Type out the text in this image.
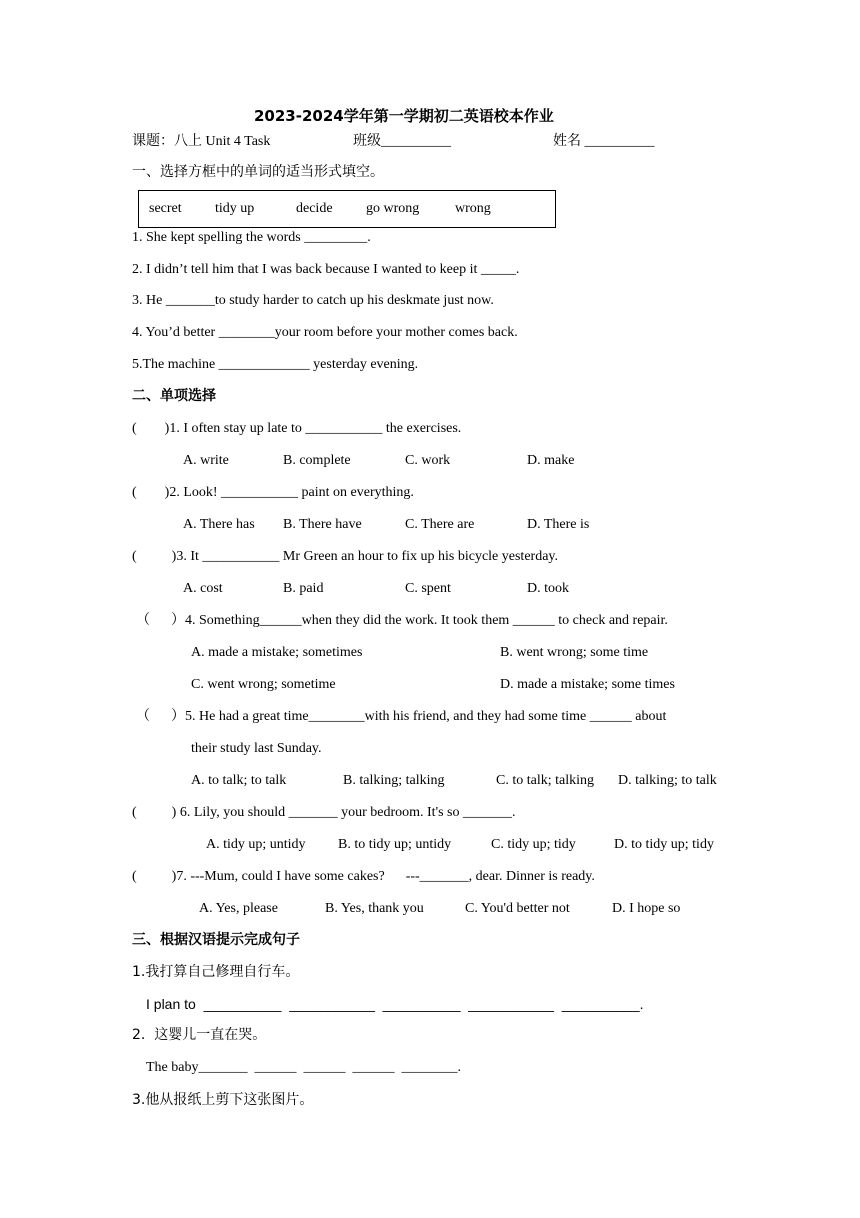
2023-2024学年第一学期初二英语校本作业
课题：八上 Unit 4 Task	班级__________	姓名 __________
一、选择方框中的单词的适当形式填空。
secret tidy up	decide go wrong	wrong
1. She kept spelling the words _________.
2. I didn’t tell him that I was back because I wanted to keep it _____.
3. He _______to study harder to catch up his deskmate just now.
4. You’d better ________your room before your mother comes back.
5.The machine _____________ yesterday evening.
二、单项选择
(        )1. I often stay up late to ___________ the exercises.
A. write	B. complete	C. work	D. make
(        )2. Look! ___________ paint on everything.
A. There has B. There have	C. There are	D. There is
(          )3. It ___________ Mr Green an hour to fix up his bicycle yesterday.
A. cost	B. paid	C. spent	D. took
（      ）4. Something______when they did the work. It took them ______ to check and repair.
A. made a mistake; sometimes	B. went wrong; some time
C. went wrong; sometime	D. made a mistake; some times
（      ）5. He had a great time________with his friend, and they had some time ______ about
their study last Sunday.
A. to talk; to talk	B. talking; talking	C. to talk; talking D. talking; to talk
(          ) 6. Lily, you should _______ your bedroom. It's so _______.
A. tidy up; untidy B. to tidy up; untidy	C. tidy up; tidy	D. to tidy up; tidy
(          )7. ---Mum, could I have some cakes?      ---_______, dear. Dinner is ready.
A. Yes, please	B. Yes, thank you	C. You'd better not	D. I hope so
三、根据汉语提示完成句子
1.我打算自己修理自行车。
I plan to  __________  ___________  __________  ___________  __________.
2.  这婴儿一直在哭。
The baby_______  ______  ______  ______  ________.
3.他从报纸上剪下这张图片。
